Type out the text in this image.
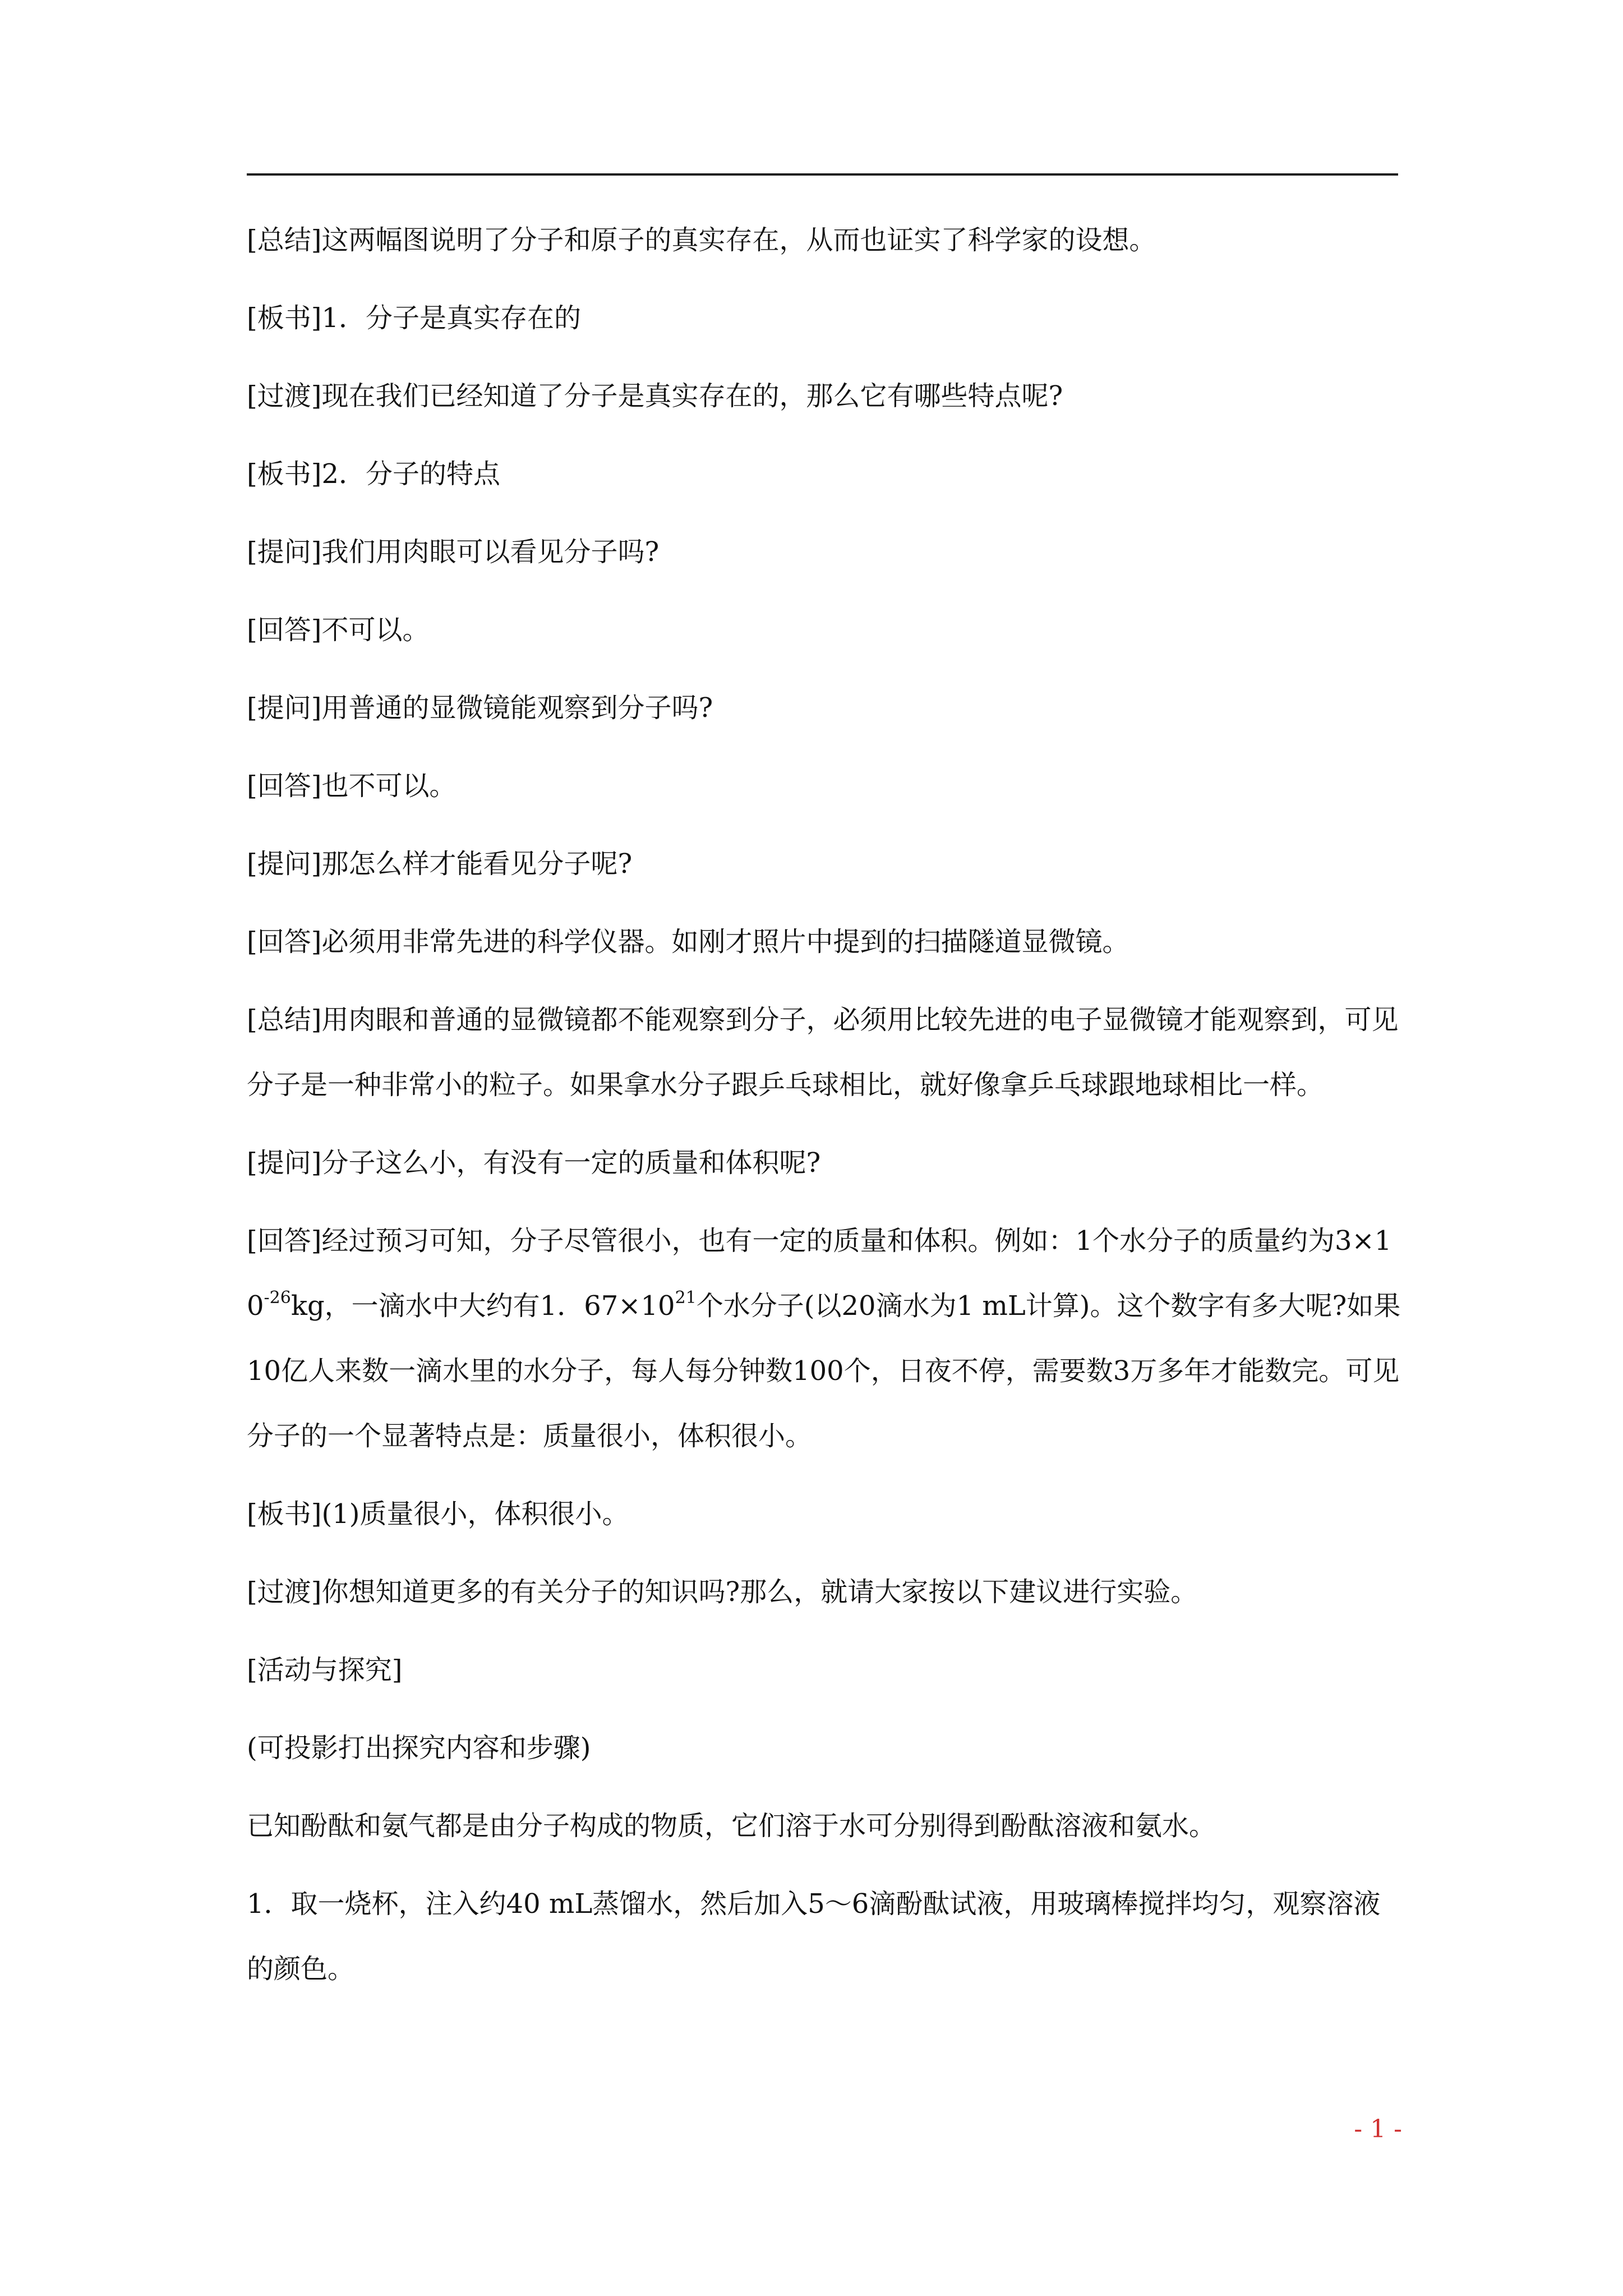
[总结]这两幅图说明了分子和原子的真实存在，从而也证实了科学家的设想。

[板书]1．分子是真实存在的

[过渡]现在我们已经知道了分子是真实存在的，那么它有哪些特点呢?

[板书]2．分子的特点

[提问]我们用肉眼可以看见分子吗?

[回答]不可以。

[提问]用普通的显微镜能观察到分子吗?

[回答]也不可以。

[提问]那怎么样才能看见分子呢?

[回答]必须用非常先进的科学仪器。如刚才照片中提到的扫描隧道显微镜。

[总结]用肉眼和普通的显微镜都不能观察到分子，必须用比较先进的电子显微镜才能观察到，可见分子是一种非常小的粒子。如果拿水分子跟乒乓球相比，就好像拿乒乓球跟地球相比一样。

[提问]分子这么小，有没有一定的质量和体积呢?

[回答]经过预习可知，分子尽管很小，也有一定的质量和体积。例如：1个水分子的质量约为$3\times 10^{-26}kg$，一滴水中大约有1．$67\times 10^{21}$个水分子(以20滴水为1 mL计算)。这个数字有多大呢?如果10亿人来数一滴水里的水分子，每人每分钟数100个，日夜不停，需要数3万多年才能数完。可见分子的一个显著特点是：质量很小，体积很小。

[板书](1)质量很小，体积很小。

[过渡]你想知道更多的有关分子的知识吗?那么，就请大家按以下建议进行实验。

[活动与探究]

(可投影打出探究内容和步骤)

已知酚酞和氨气都是由分子构成的物质，它们溶于水可分别得到酚酞溶液和氨水。

1．取一烧杯，注入约40 mL蒸馏水，然后加入5～6滴酚酞试液，用玻璃棒搅拌均匀，观察溶液的颜色。

- 1 -
